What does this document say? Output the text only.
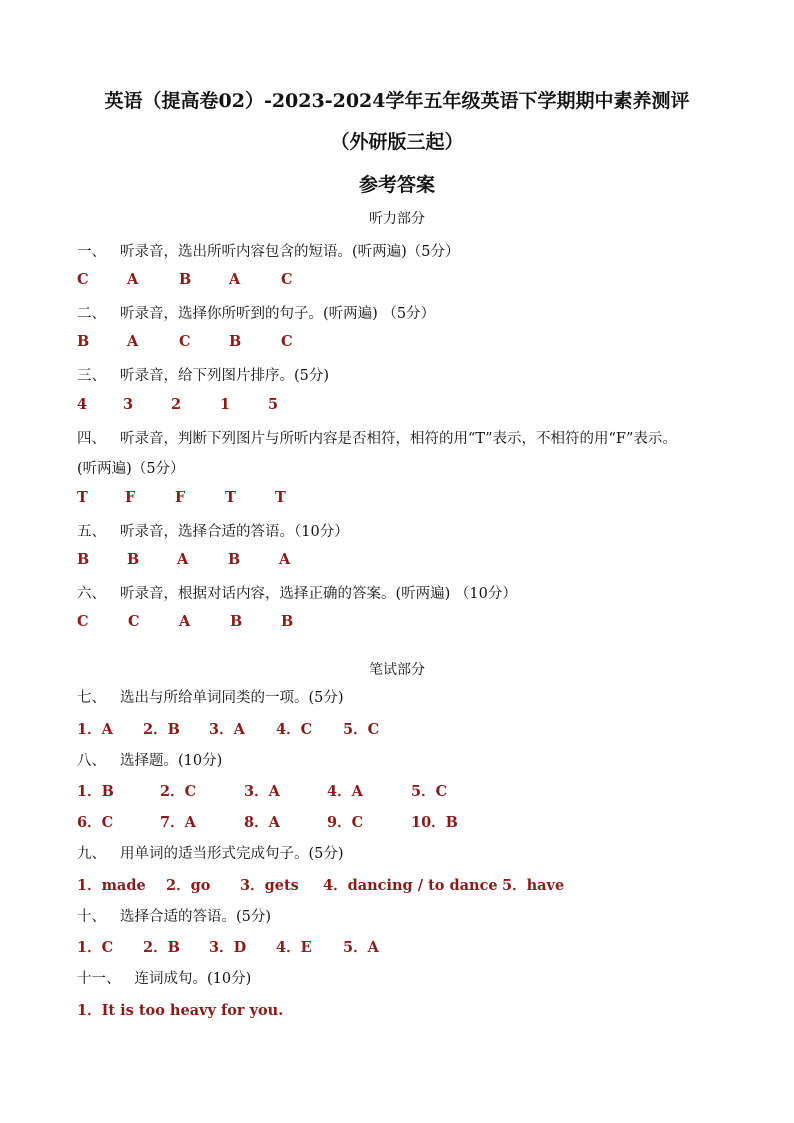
英语（提高卷02）-2023-2024学年五年级英语下学期期中素养测评
（外研版三起）
参考答案
听力部分
一、 听录音，选出所听内容包含的短语。(听两遍)（5分）
C	A	B	A	C
二、 听录音，选择你所听到的句子。(听两遍) （5分）
B	A	C	B	C
三、 听录音，给下列图片排序。(5分)
4 3	2	1	5
四、 听录音，判断下列图片与所听内容是否相符，相符的用“T”表示，不相符的用“F”表示。
(听两遍)（5分）
T	F	F	T	T
五、 听录音，选择合适的答语。（10分）
B	B	A	B	A
六、 听录音，根据对话内容，选择正确的答案。(听两遍) （10分）
C	C	A	B	B
笔试部分
七、 选出与所给单词同类的一项。(5分)
1．A 2．B 3．A 4．C 5．C
八、 选择题。(10分)
1．B	2．C	3．A	4．A	5．C
6．C	7．A	8．A	9．C	10．B
九、 用单词的适当形式完成句子。(5分)
1．made 2．go 3．gets 4．dancing / to dance 5．have
十、 选择合适的答语。(5分)
1．C 2．B 3．D 4．E 5．A
十一、 连词成句。(10分)
1．It is too heavy for you.
